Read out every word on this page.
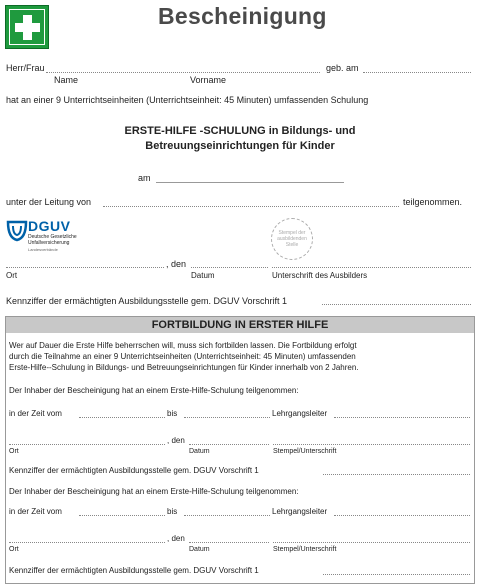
Bescheinigung
Herr/Frau	geb. am
Name	Vorname
hat an einer 9 Unterrichtseinheiten (Unterrichtseinheit: 45 Minuten) umfassenden Schulung
ERSTE-HILFE -SCHULUNG in Bildungs- und
Betreuungseinrichtungen für Kinder
am
unter der Leitung von	teilgenommen.
DGUV
Deutsche Gesetzliche
Unfallversicherung
Landesverbände
Stempel der
ausbildenden
Stelle
, den
Ort	Datum	Unterschrift des Ausbilders
Kennziffer der ermächtigten Ausbildungsstelle gem. DGUV Vorschrift 1
FORTBILDUNG IN ERSTER HILFE
Wer auf Dauer die Erste Hilfe beherrschen will, muss sich fortbilden lassen. Die Fortbildung erfolgt
durch die Teilnahme an einer 9 Unterrichtseinheiten (Unterrichtseinheit: 45 Minuten) umfassenden
Erste-Hilfe--Schulung in Bildungs- und Betreuungseinrichtungen für Kinder innerhalb von 2 Jahren.
Der Inhaber der Bescheinigung hat an einem Erste-Hilfe-Schulung teilgenommen:
in der Zeit vom	bis	Lehrgangsleiter
, den
Ort	Datum	Stempel/Unterschrift
Kennziffer der ermächtigten Ausbildungsstelle gem. DGUV Vorschrift 1
Der Inhaber der Bescheinigung hat an einem Erste-Hilfe-Schulung teilgenommen:
in der Zeit vom	bis	Lehrgangsleiter
, den
Ort	Datum	Stempel/Unterschrift
Kennziffer der ermächtigten Ausbildungsstelle gem. DGUV Vorschrift 1
